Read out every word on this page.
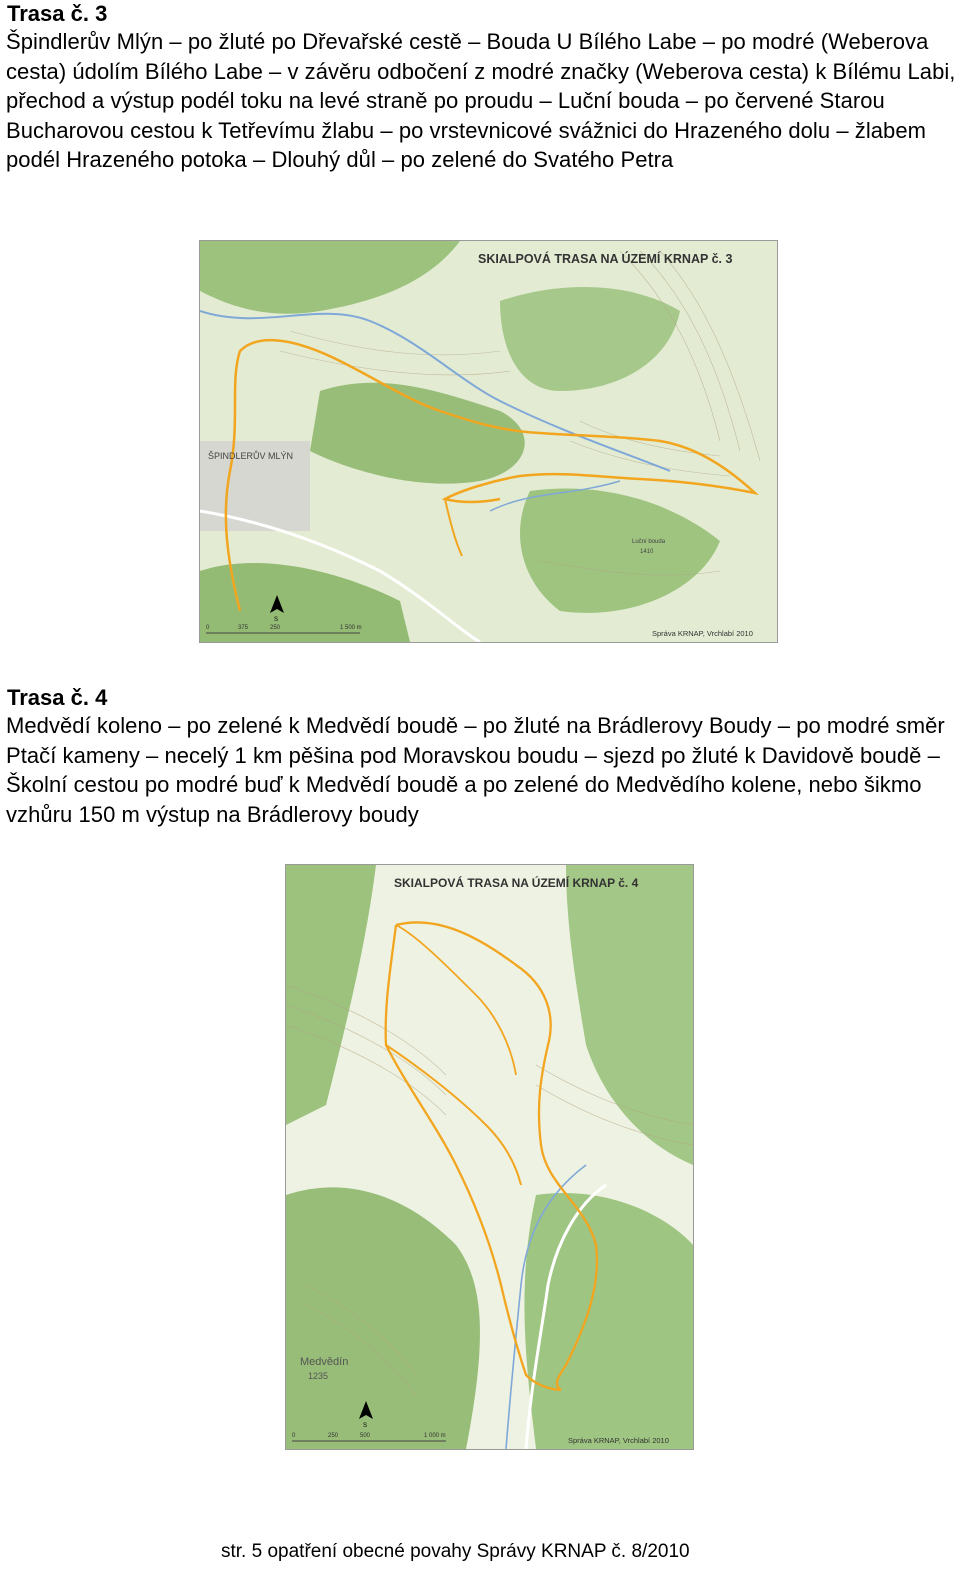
Trasa č. 3
Špindlerův Mlýn – po žluté po Dřevařské cestě – Bouda U Bílého Labe – po modré (Weberova cesta) údolím Bílého Labe – v závěru odbočení z modré značky (Weberova cesta) k Bílému Labi, přechod a výstup podél toku na levé straně po proudu – Luční bouda – po červené Starou Bucharovou cestou k Tetřevímu žlabu – po vrstevnicové svážnici do Hrazeného dolu – žlabem podél Hrazeného potoka – Dlouhý důl – po zelené do Svatého Petra
SKIALPOVÁ TRASA NA ÚZEMÍ KRNAP č. 3
ŠPINDLERŮV MLÝN
Luční bouda
1410
S
0	375	250	1 500 m
Správa KRNAP, Vrchlabí 2010
Trasa č. 4
Medvědí koleno – po zelené k Medvědí boudě – po žluté na Brádlerovy Boudy – po modré směr Ptačí kameny – necelý 1 km pěšina pod Moravskou boudu – sjezd po žluté k Davidově boudě – Školní cestou po modré buď k Medvědí boudě a po zelené do Medvědího kolene, nebo šikmo vzhůru 150 m výstup na Brádlerovy boudy
SKIALPOVÁ TRASA NA ÚZEMÍ KRNAP č. 4
Medvědín
1235
S
0	250	500	1 000 m	Správa KRNAP, Vrchlabí 2010
str. 5 opatření obecné povahy Správy KRNAP č. 8/2010
